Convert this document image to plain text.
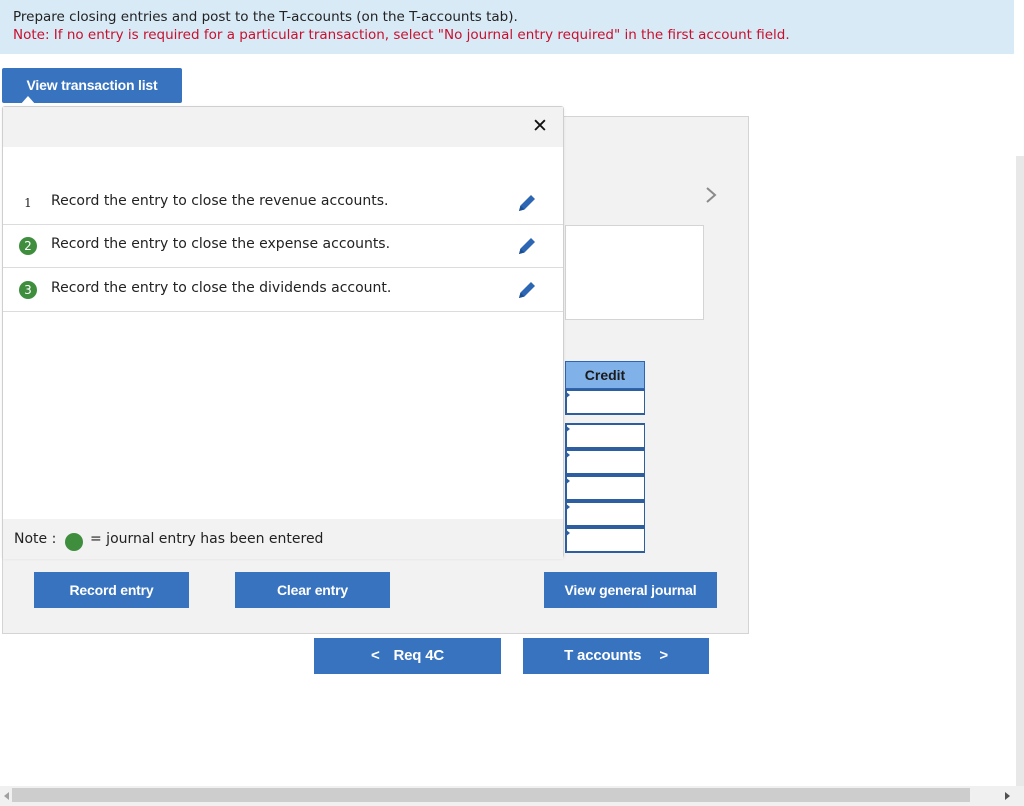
Prepare closing entries and post to the T-accounts (on the T-accounts tab).
Note: If no entry is required for a particular transaction, select "No journal entry required" in the first account field.
View transaction list
Credit
✕
1	Record the entry to close the revenue accounts.
2	Record the entry to close the expense accounts.
3	Record the entry to close the dividends account.
Note : = journal entry has been entered
Record entry	Clear entry	View general journal
< Req 4C	T accounts >
